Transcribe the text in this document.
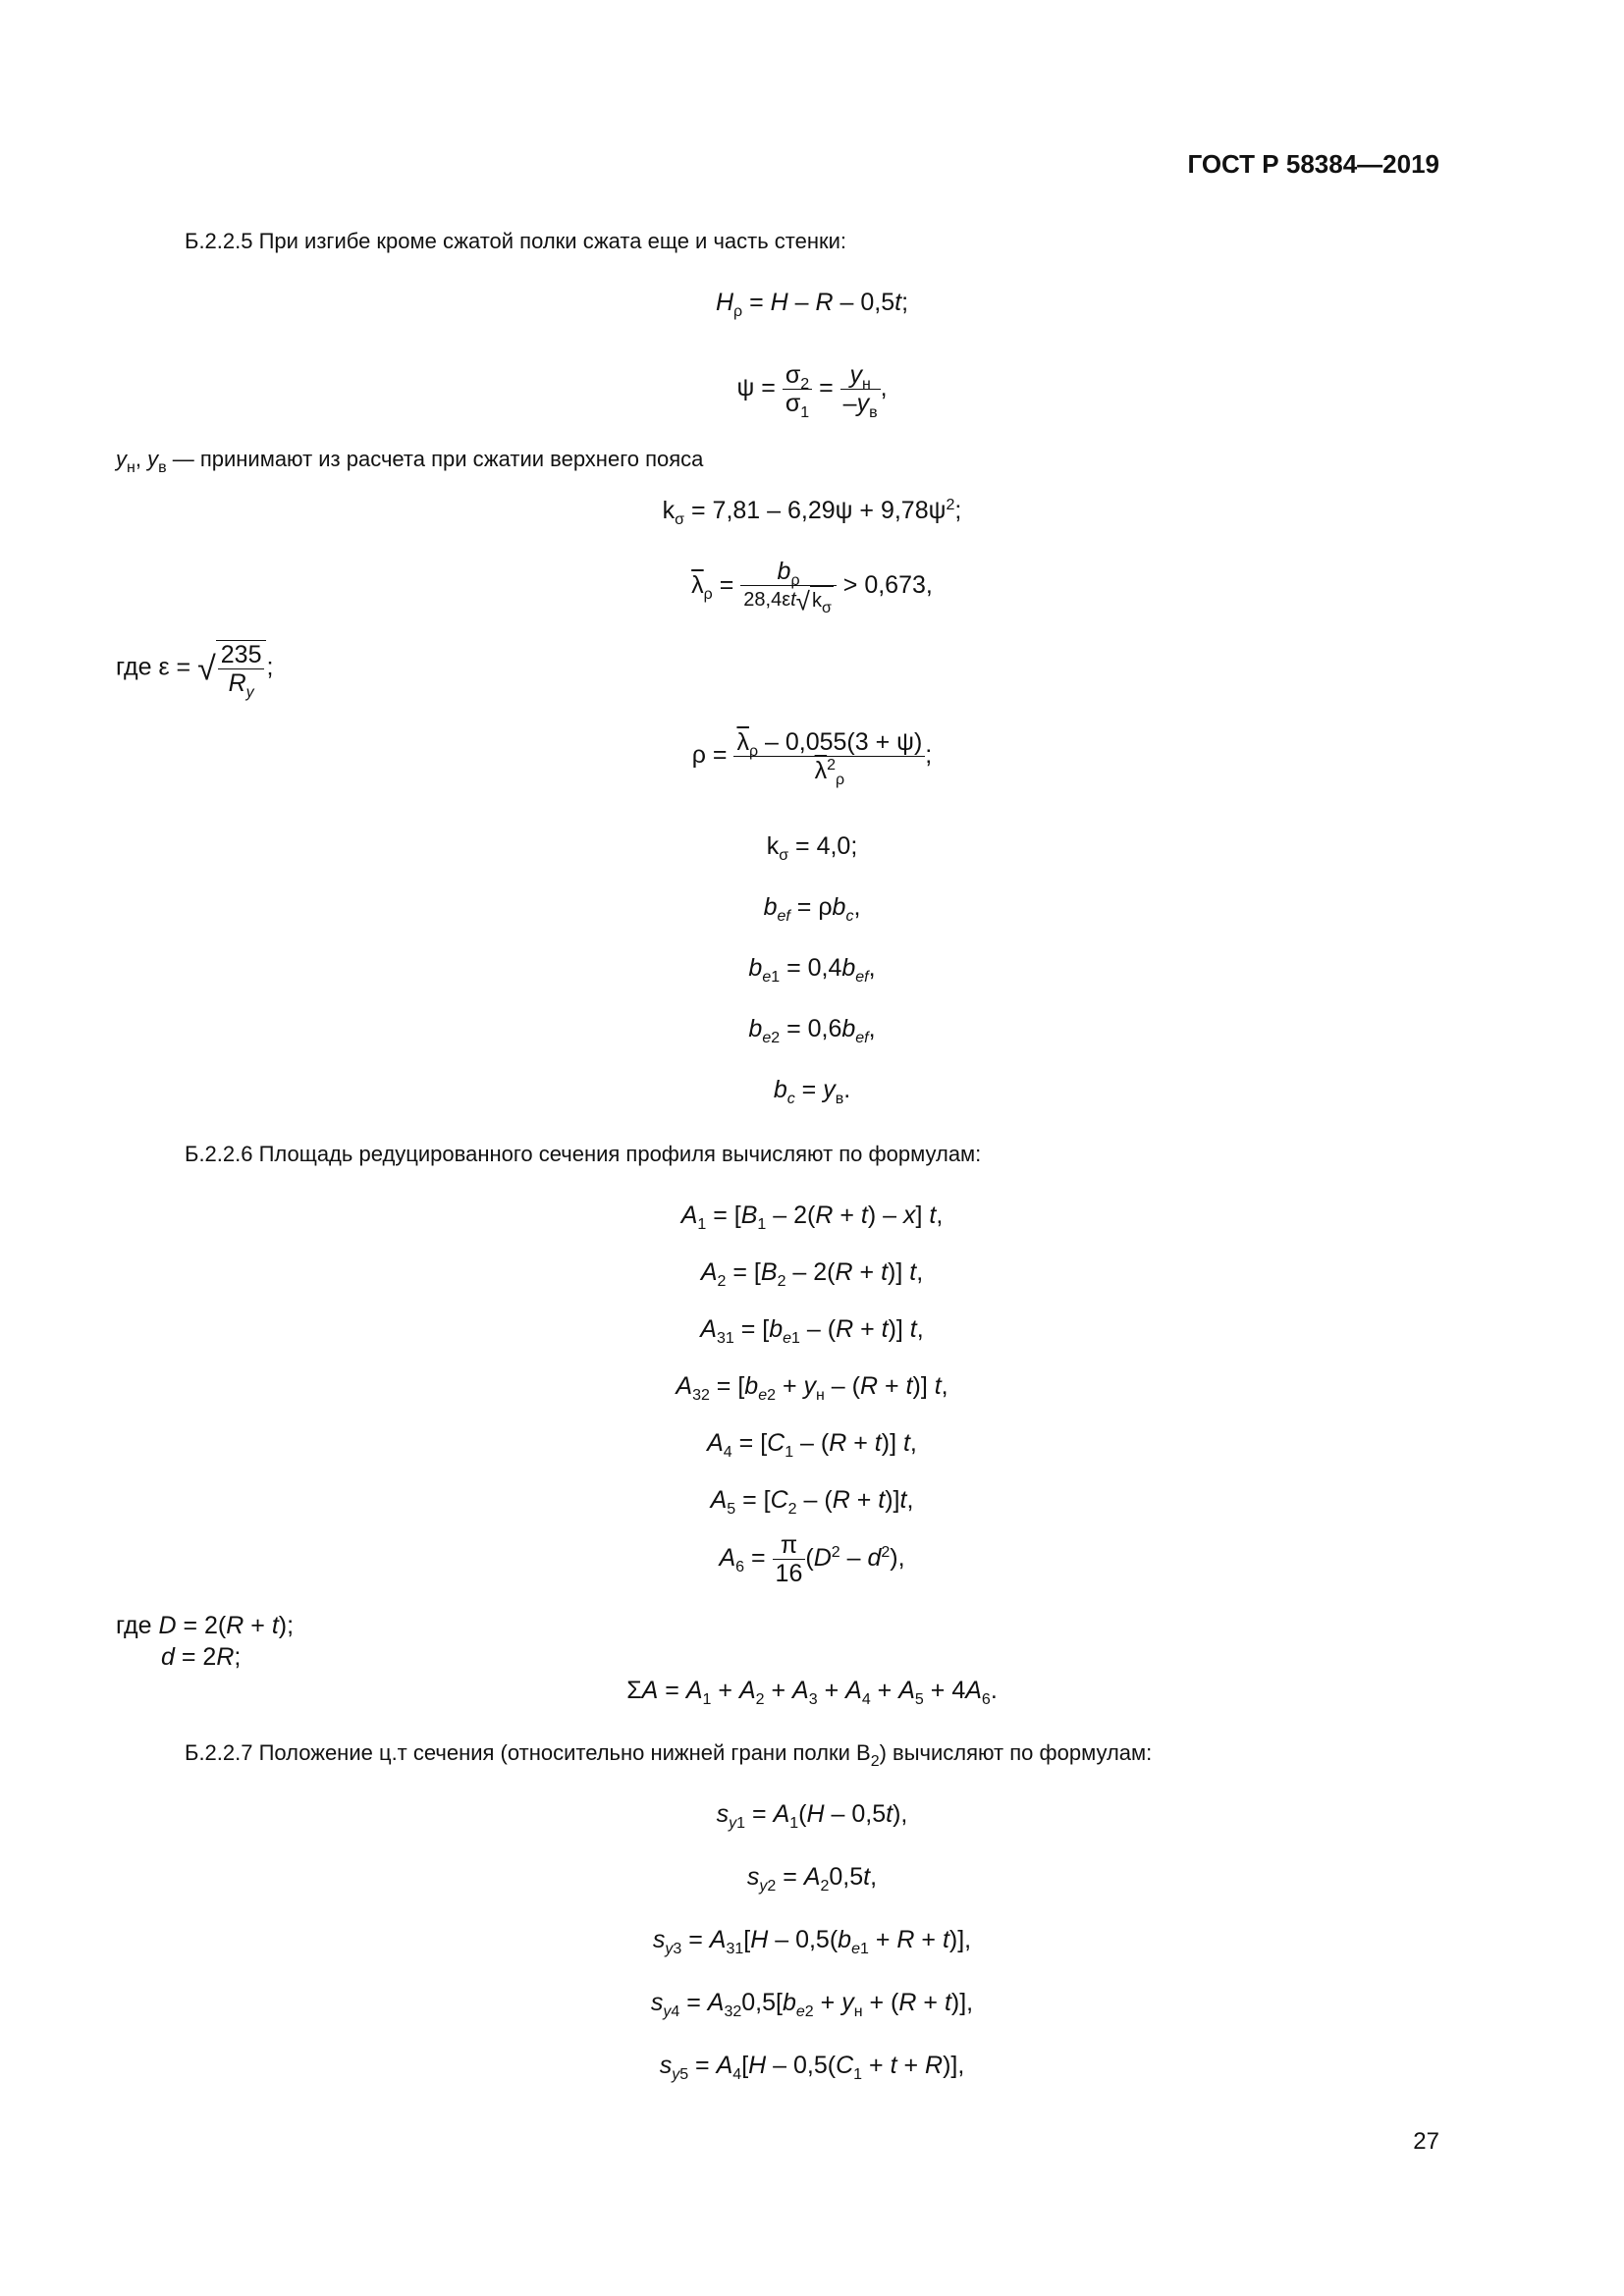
ГОСТ Р 58384—2019
Б.2.2.5 При изгибе кроме сжатой полки сжата еще и часть стенки:
$H_\rho = H - R - 0,5t$;
$\psi = \frac{\sigma_2}{\sigma_1} = \frac{y_н}{-y_в}$ ,
$y_н$, $y_в$ — принимают из расчета при сжатии верхнего пояса
$k_\sigma = 7,81 - 6,29\psi + 9,78\psi^2$;
$\overline{\lambda}_\rho = \frac{b_\rho}{28,4\varepsilon t√ k_\sigma} > 0,673$,
где ε = √ $\frac{235}{R_y}$ ;
$\rho = \frac{\overline{\lambda}_\rho - 0,055(3 + \psi)}{\overline{\lambda}^2_\rho}$ ;
$k_\sigma = 4,0$;
$b_{ef} = \rho b_c$,
$b_{e1} = 0,4b_{ef}$,
$b_{e2} = 0,6b_{ef}$,
$b_c = y_в$.
Б.2.2.6 Площадь редуцированного сечения профиля вычисляют по формулам:
$A_1 = [B_1 - 2(R + t) - x]$ t,
$A_2 = [B_2 - 2(R + t)]$ t,
$A_{31} = [b_{e1} - (R + t)]$ t,
$A_{32} = [b_{e2} + y_н - (R + t)]$ t,
$A_4 = [C_1 - (R + t)]$ t,
$A_5 = [C_2 - (R + t)]t$,
$A_6 = \frac{\pi}{16} (D^2 - d^2)$,
где D = 2(R + t);
d = 2R;
$\Sigma A = A_1 + A_2 + A_3 + A_4 + A_5 + 4A_6$.
Б.2.2.7 Положение ц.т сечения (относительно нижней грани полки $B_2$) вычисляют по формулам:
$s_{y1} = A_1(H - 0,5t)$,
$s_{y2} = A_20,5t$,
$s_{y3} = A_{31}[H - 0,5(b_{e1} + R + t)]$,
$s_{y4} = A_{32}0,5[b_{e2} + y_н + (R + t)]$,
$s_{y5} = A_4[H - 0,5(C_1 + t + R)]$,
27
